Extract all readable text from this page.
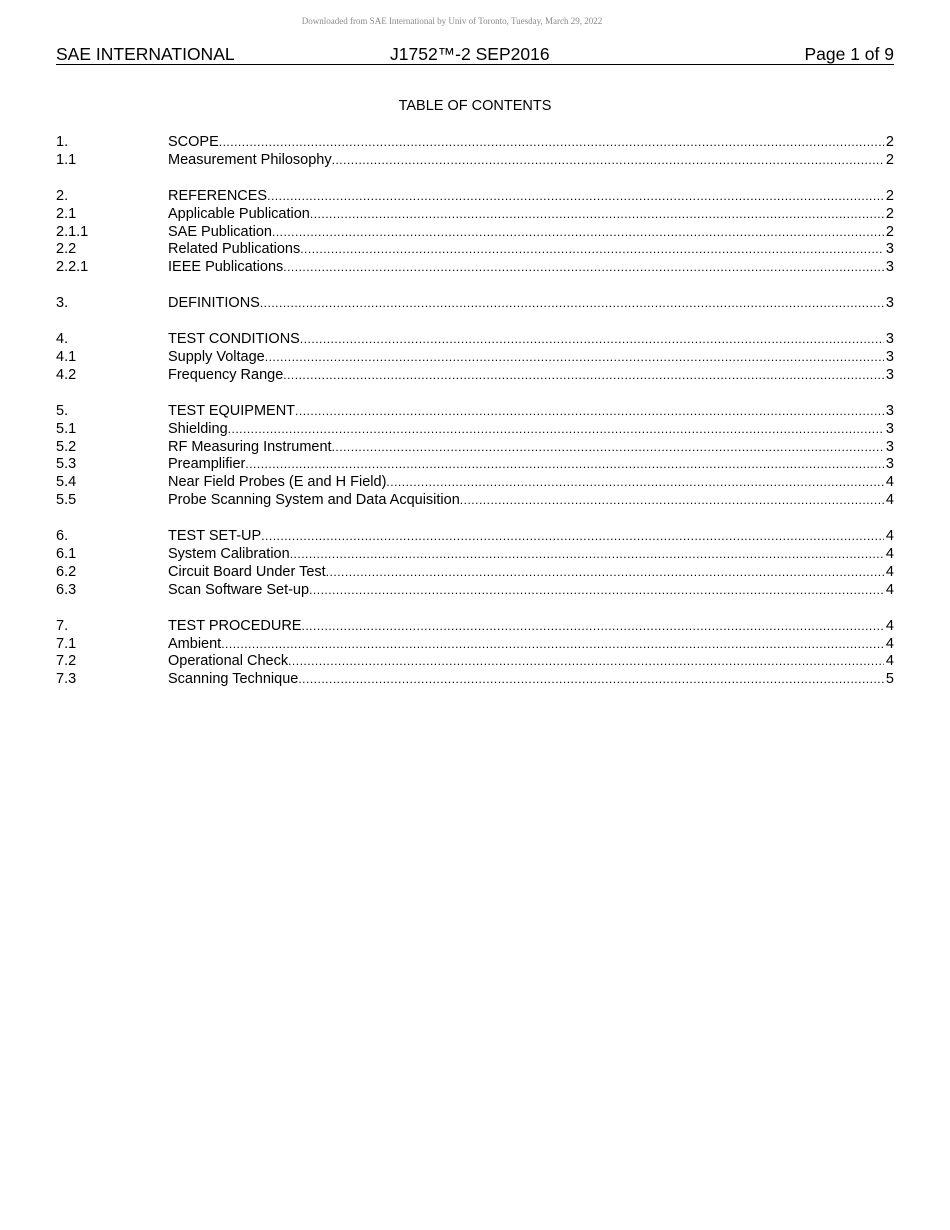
Downloaded from SAE International by Univ of Toronto, Tuesday, March 29, 2022
SAE INTERNATIONAL	J1752™-2 SEP2016	Page 1 of 9
TABLE OF CONTENTS
1.	SCOPE .....	2
1.1	Measurement Philosophy .....	2
2.	REFERENCES .....	2
2.1	Applicable Publication .....	2
2.1.1	SAE Publication .....	2
2.2	Related Publications .....	3
2.2.1	IEEE Publications .....	3
3.	DEFINITIONS .....	3
4.	TEST CONDITIONS .....	3
4.1	Supply Voltage .....	3
4.2	Frequency Range .....	3
5.	TEST EQUIPMENT .....	3
5.1	Shielding .....	3
5.2	RF Measuring Instrument .....	3
5.3	Preamplifier .....	3
5.4	Near Field Probes (E and H Field) .....	4
5.5	Probe Scanning System and Data Acquisition .....	4
6.	TEST SET-UP .....	4
6.1	System Calibration .....	4
6.2	Circuit Board Under Test .....	4
6.3	Scan Software Set-up .....	4
7.	TEST PROCEDURE .....	4
7.1	Ambient .....	4
7.2	Operational Check .....	4
7.3	Scanning Technique .....	5
